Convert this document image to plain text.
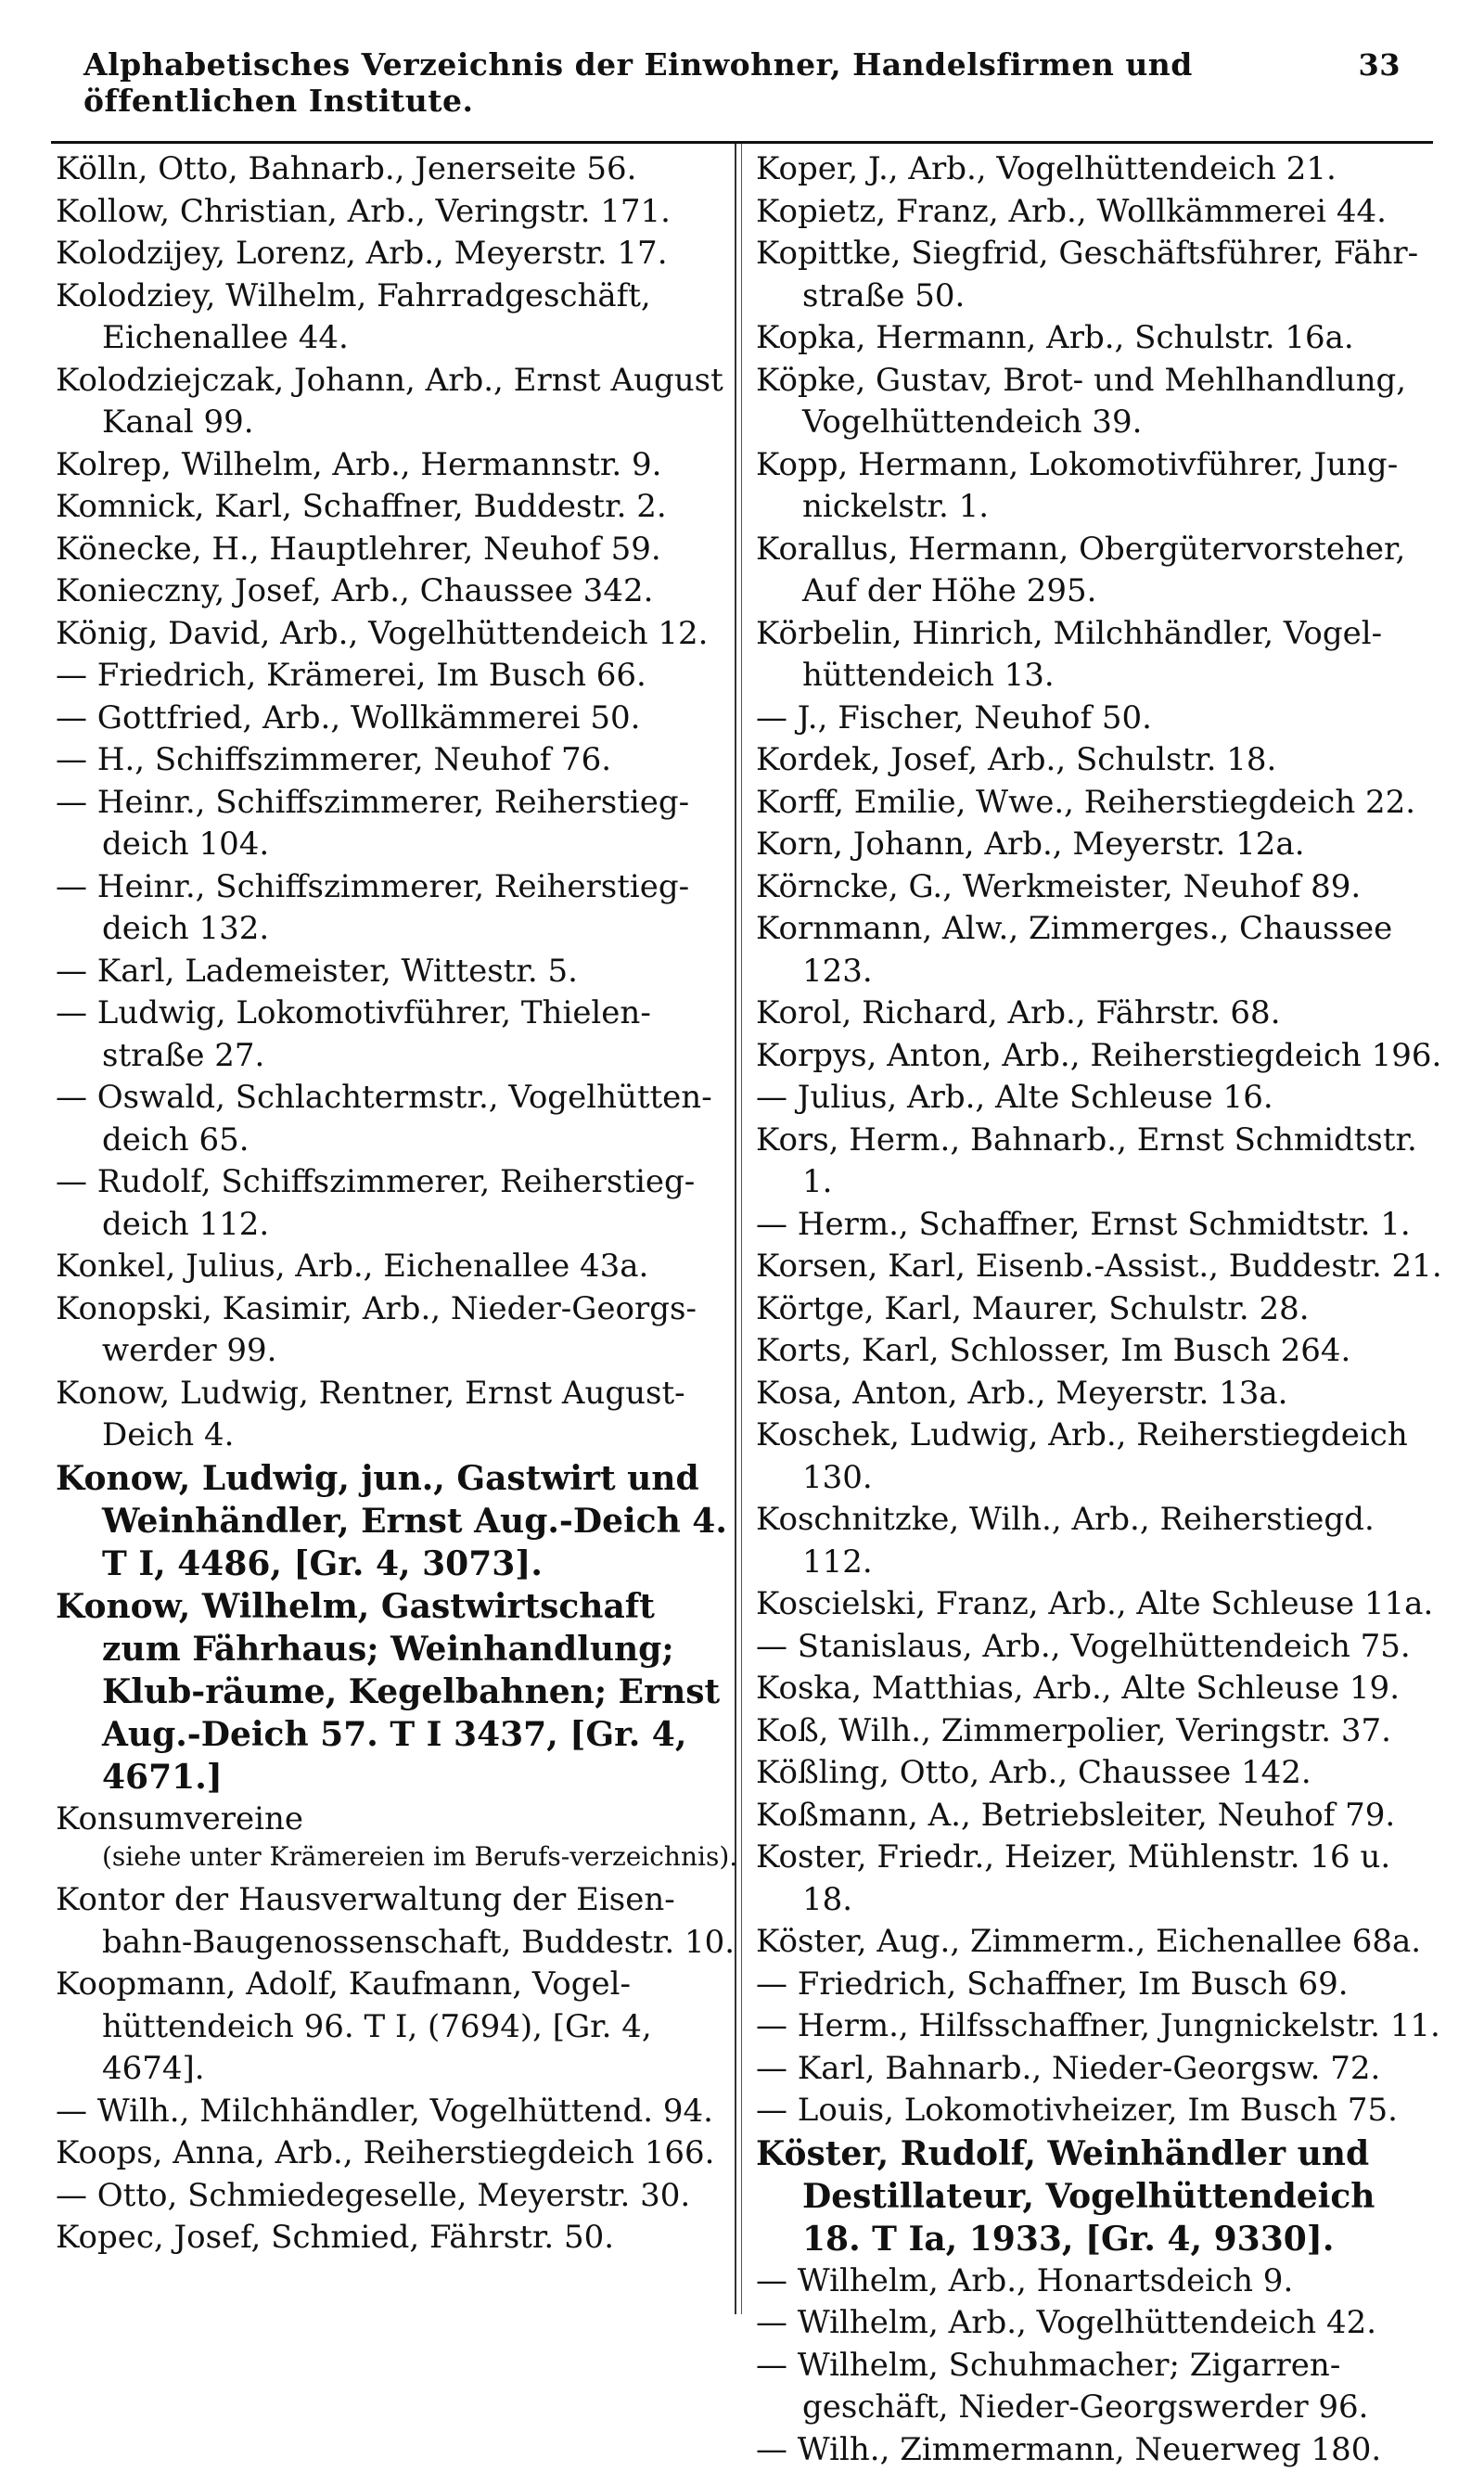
Alphabetisches Verzeichnis der Einwohner, Handelsfirmen und öffentlichen Institute.
33

Kölln, Otto, Bahnarb., Jenerseite 56.

Kollow, Christian, Arb., Veringstr. 171.

Kolodzijey, Lorenz, Arb., Meyerstr. 17.

Kolodziey, Wilhelm, Fahrradgeschäft, Eichenallee 44.

Kolodziejczak, Johann, Arb., Ernst August Kanal 99.

Kolrep, Wilhelm, Arb., Hermannstr. 9.

Komnick, Karl, Schaffner, Buddestr. 2.

Könecke, H., Hauptlehrer, Neuhof 59.

Konieczny, Josef, Arb., Chaussee 342.

König, David, Arb., Vogelhüttendeich 12.

— Friedrich, Krämerei, Im Busch 66.

— Gottfried, Arb., Wollkämmerei 50.

— H., Schiffszimmerer, Neuhof 76.

— Heinr., Schiffszimmerer, Reiherstieg-deich 104.

— Heinr., Schiffszimmerer, Reiherstieg-deich 132.

— Karl, Lademeister, Wittestr. 5.

— Ludwig, Lokomotivführer, Thielen-straße 27.

— Oswald, Schlachtermstr., Vogelhütten-deich 65.

— Rudolf, Schiffszimmerer, Reiherstieg-deich 112.

Konkel, Julius, Arb., Eichenallee 43a.

Konopski, Kasimir, Arb., Nieder-Georgs-werder 99.

Konow, Ludwig, Rentner, Ernst August-Deich 4.

Konow, Ludwig, jun., Gastwirt und Weinhändler, Ernst Aug.-Deich 4. T I, 4486, [Gr. 4, 3073].

Konow, Wilhelm, Gastwirtschaft zum Fährhaus; Weinhandlung; Klub-räume, Kegelbahnen; Ernst Aug.-Deich 57. T I 3437, [Gr. 4, 4671.]

Konsumvereine

(siehe unter Krämereien im Berufs-verzeichnis).

Kontor der Hausverwaltung der Eisen-bahn-Baugenossenschaft, Buddestr. 10.

Koopmann, Adolf, Kaufmann, Vogel-hüttendeich 96. T I, (7694), [Gr. 4, 4674].

— Wilh., Milchhändler, Vogelhüttend. 94.

Koops, Anna, Arb., Reiherstiegdeich 166.

— Otto, Schmiedegeselle, Meyerstr. 30.

Kopec, Josef, Schmied, Fährstr. 50.

Koper, J., Arb., Vogelhüttendeich 21.

Kopietz, Franz, Arb., Wollkämmerei 44.

Kopittke, Siegfrid, Geschäftsführer, Fähr-straße 50.

Kopka, Hermann, Arb., Schulstr. 16a.

Köpke, Gustav, Brot- und Mehlhandlung, Vogelhüttendeich 39.

Kopp, Hermann, Lokomotivführer, Jung-nickelstr. 1.

Korallus, Hermann, Obergütervorsteher, Auf der Höhe 295.

Körbelin, Hinrich, Milchhändler, Vogel-hüttendeich 13.

— J., Fischer, Neuhof 50.

Kordek, Josef, Arb., Schulstr. 18.

Korff, Emilie, Wwe., Reiherstiegdeich 22.

Korn, Johann, Arb., Meyerstr. 12a.

Körncke, G., Werkmeister, Neuhof 89.

Kornmann, Alw., Zimmerges., Chaussee 123.

Korol, Richard, Arb., Fährstr. 68.

Korpys, Anton, Arb., Reiherstiegdeich 196.

— Julius, Arb., Alte Schleuse 16.

Kors, Herm., Bahnarb., Ernst Schmidtstr. 1.

— Herm., Schaffner, Ernst Schmidtstr. 1.

Korsen, Karl, Eisenb.-Assist., Buddestr. 21.

Körtge, Karl, Maurer, Schulstr. 28.

Korts, Karl, Schlosser, Im Busch 264.

Kosa, Anton, Arb., Meyerstr. 13a.

Koschek, Ludwig, Arb., Reiherstiegdeich 130.

Koschnitzke, Wilh., Arb., Reiherstiegd. 112.

Koscielski, Franz, Arb., Alte Schleuse 11a.

— Stanislaus, Arb., Vogelhüttendeich 75.

Koska, Matthias, Arb., Alte Schleuse 19.

Koß, Wilh., Zimmerpolier, Veringstr. 37.

Kößling, Otto, Arb., Chaussee 142.

Koßmann, A., Betriebsleiter, Neuhof 79.

Koster, Friedr., Heizer, Mühlenstr. 16 u. 18.

Köster, Aug., Zimmerm., Eichenallee 68a.

— Friedrich, Schaffner, Im Busch 69.

— Herm., Hilfsschaffner, Jungnickelstr. 11.

— Karl, Bahnarb., Nieder-Georgsw. 72.

— Louis, Lokomotivheizer, Im Busch 75.

Köster, Rudolf, Weinhändler und Destillateur, Vogelhüttendeich 18. T Ia, 1933, [Gr. 4, 9330].

— Wilhelm, Arb., Honartsdeich 9.

— Wilhelm, Arb., Vogelhüttendeich 42.

— Wilhelm, Schuhmacher; Zigarren-geschäft, Nieder-Georgswerder 96.

— Wilh., Zimmermann, Neuerweg 180.
